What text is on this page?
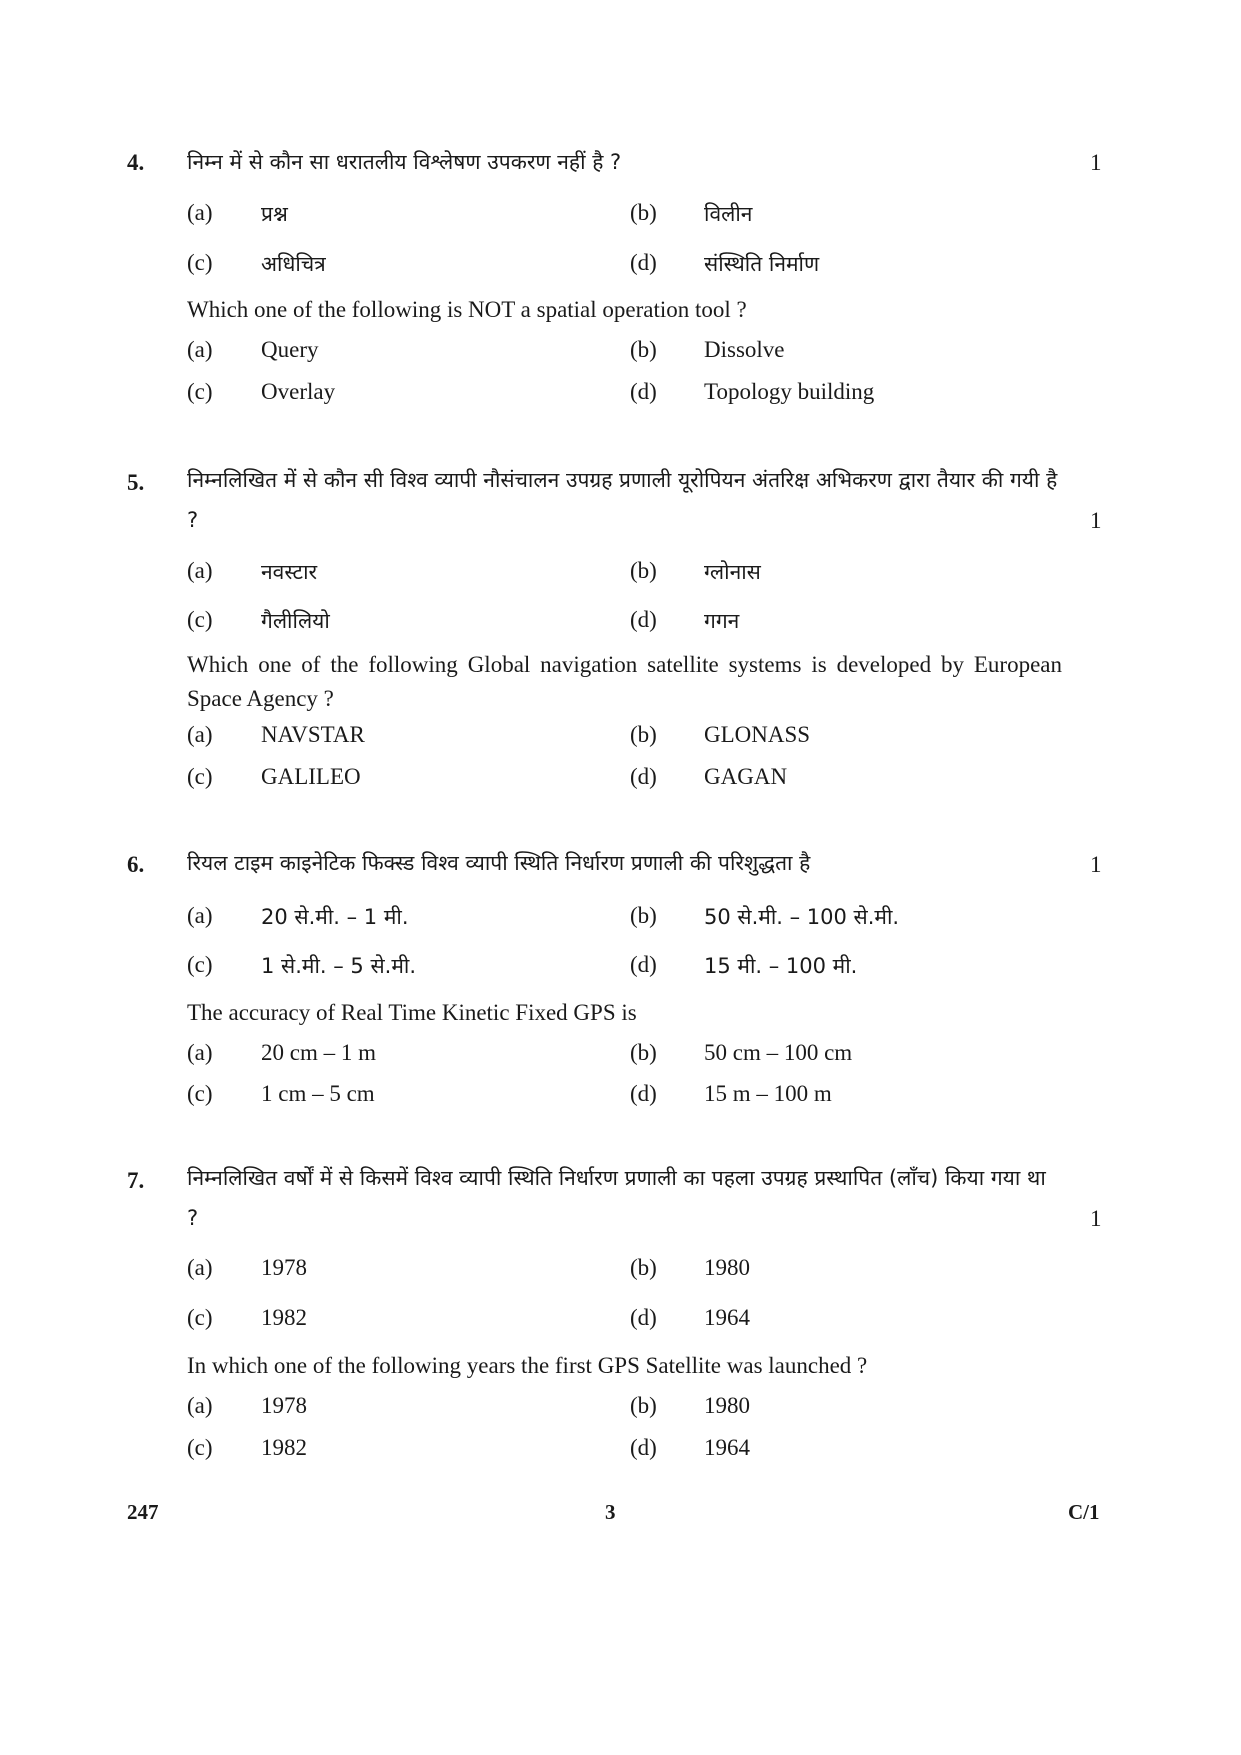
4.	1
निम्न में से कौन सा धरातलीय विश्लेषण उपकरण नहीं है ?
(a) प्रश्न	(b) विलीन
(c) अधिचित्र	(d) संस्थिति निर्माण
Which one of the following is NOT a spatial operation tool ?
(a) Query	(b) Dissolve
(c) Overlay	(d) Topology building
5.
1
निम्नलिखित में से कौन सी विश्व व्यापी नौसंचालन उपग्रह प्रणाली यूरोपियन अंतरिक्ष अभिकरण द्वारा तैयार की गयी है ?
(a) नवस्टार	(b) ग्लोनास
(c) गैलीलियो	(d) गगन
Which one of the following Global navigation satellite systems is developed by European Space Agency ?
(a) NAVSTAR	(b) GLONASS
(c) GALILEO	(d) GAGAN
6.	1
रियल टाइम काइनेटिक फिक्स्ड विश्व व्यापी स्थिति निर्धारण प्रणाली की परिशुद्धता है
(a) 20 से.मी. – 1 मी.	(b) 50 से.मी. – 100 से.मी.
(c) 1 से.मी. – 5 से.मी.	(d) 15 मी. – 100 मी.
The accuracy of Real Time Kinetic Fixed GPS is
(a) 20 cm – 1 m	(b) 50 cm – 100 cm
(c) 1 cm – 5 cm	(d) 15 m – 100 m
7.
1
निम्नलिखित वर्षों में से किसमें विश्व व्यापी स्थिति निर्धारण प्रणाली का पहला उपग्रह प्रस्थापित (लाँच) किया गया था ?
(a) 1978	(b) 1980
(c) 1982	(d) 1964
In which one of the following years the first GPS Satellite was launched ?
(a) 1978	(b) 1980
(c) 1982	(d) 1964
247	3	C/1
